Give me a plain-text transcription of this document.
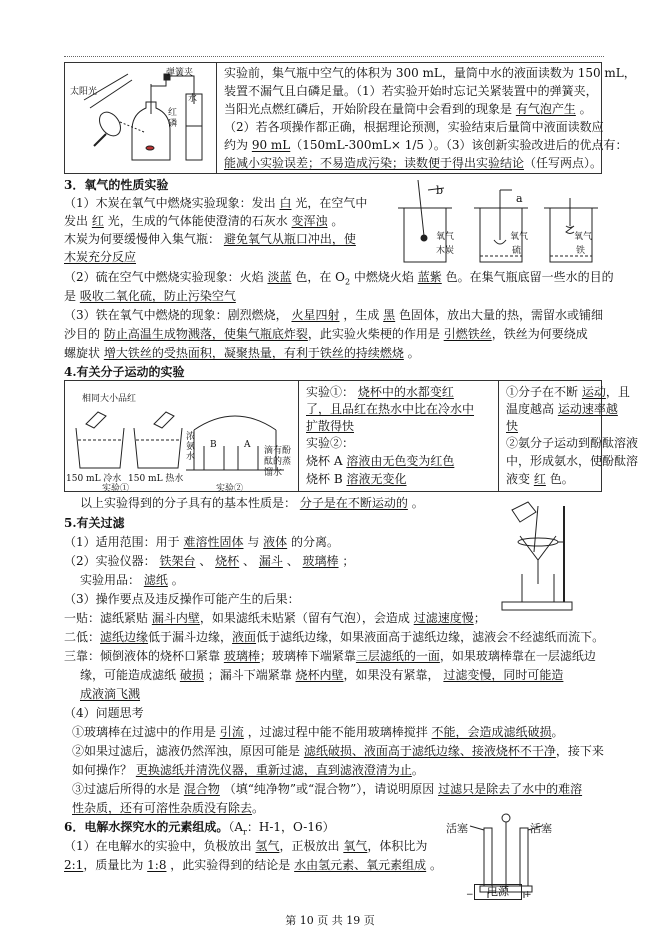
太阳光
弹簧夹
水
红磷
实验前，集气瓶中空气的体积为 300 mL，量筒中水的液面读数为 150 mL，
装置不漏气且白磷足量。（1）若实验开始时忘记关紧装置中的弹簧夹，
当阳光点燃红磷后，开始阶段在量筒中会看到的现象是 有气泡产生 。
（2）若各项操作都正确，根据理论预测，实验结束后量筒中液面读数应
约为 90 mL（150mL-300mL× 1/5 ）。（3）该创新实验改进后的优点有：
能减小实验误差；不易造成污染；读数便于得出实验结论（任写两点）。
3．氧气的性质实验
（1）木炭在氧气中燃烧实验现象：发出 白 光，在空气中
发出 红 光，生成的气体能使澄清的石灰水 变浑浊 。
木炭为何要缓慢伸入集气瓶： 避免氧气从瓶口冲出，使
木炭充分反应
（2）硫在空气中燃烧实验现象：火焰 淡蓝 色，在 $O_2$ 中燃烧火焰 蓝紫 色。在集气瓶底留一些水的目的
是 吸收二氧化硫，防止污染空气
（3）铁在氧气中燃烧的现象：剧烈燃烧， 火星四射 ，生成 黑 色固体，放出大量的热，需留水或铺细
沙目的 防止高温生成物溅落，使集气瓶底炸裂，此实验火柴梗的作用是 引燃铁丝，铁丝为何要绕成
螺旋状 增大铁丝的受热面积，凝聚热量，有利于铁丝的持续燃烧 。
b
a
氧气
木炭
氧气
硫
氧气
铁
4.有关分子运动的实验
相同大小品红
150 mL 冷水 150 mL 热水
实验①	实验②
浓氨水
B	A
滴有酚酞的蒸馏水
实验①： 烧杯中的水都变红
了，且品红在热水中比在冷水中
扩散得快
实验②：
烧杯 A 溶液由无色变为红色
烧杯 B 溶液无变化
①分子在不断 运动，且
温度越高 运动速率越
快
②氨分子运动到酚酞溶液
中，形成氨水，使酚酞溶
液变 红 色。
以上实验得到的分子具有的基本性质是： 分子是在不断运动的 。
5.有关过滤
（1）适用范围：用于 难溶性固体 与 液体 的分离。
（2）实验仪器： 铁架台 、 烧杯 、 漏斗 、 玻璃棒 ；
实验用品： 滤纸 。
（3）操作要点及违反操作可能产生的后果：
一贴：滤纸紧贴 漏斗内壁，如果滤纸未贴紧（留有气泡），会造成 过滤速度慢；
二低：滤纸边缘低于漏斗边缘，液面低于滤纸边缘，如果液面高于滤纸边缘，滤液会不经滤纸而流下。
三靠：倾倒液体的烧杯口紧靠 玻璃棒；玻璃棒下端紧靠三层滤纸的一面，如果玻璃棒靠在一层滤纸边
缘，可能造成滤纸 破损 ；漏斗下端紧靠 烧杯内壁，如果没有紧靠， 过滤变慢，同时可能造
成液滴飞溅
（4）问题思考
①玻璃棒在过滤中的作用是 引流 ，过滤过程中能不能用玻璃棒搅拌 不能，会造成滤纸破损。
②如果过滤后，滤液仍然浑浊，原因可能是 滤纸破损、液面高于滤纸边缘、接液烧杯不干净，接下来
如何操作？ 更换滤纸并清洗仪器，重新过滤，直到滤液澄清为止。
③过滤后所得的水是 混合物 （填“纯净物”或“混合物”），请说明原因 过滤只是除去了水中的难溶
性杂质，还有可溶性杂质没有除去。
6．电解水探究水的元素组成。（$A_r$：H-1，O-16）
（1）在电解水的实验中，负极放出 氢气，正极放出 氧气，体积比为
2:1，质量比为 1:8 ，此实验得到的结论是 水由氢元素、氧元素组成 。
活塞	活塞
电源
−	+
第 10 页 共 19 页
